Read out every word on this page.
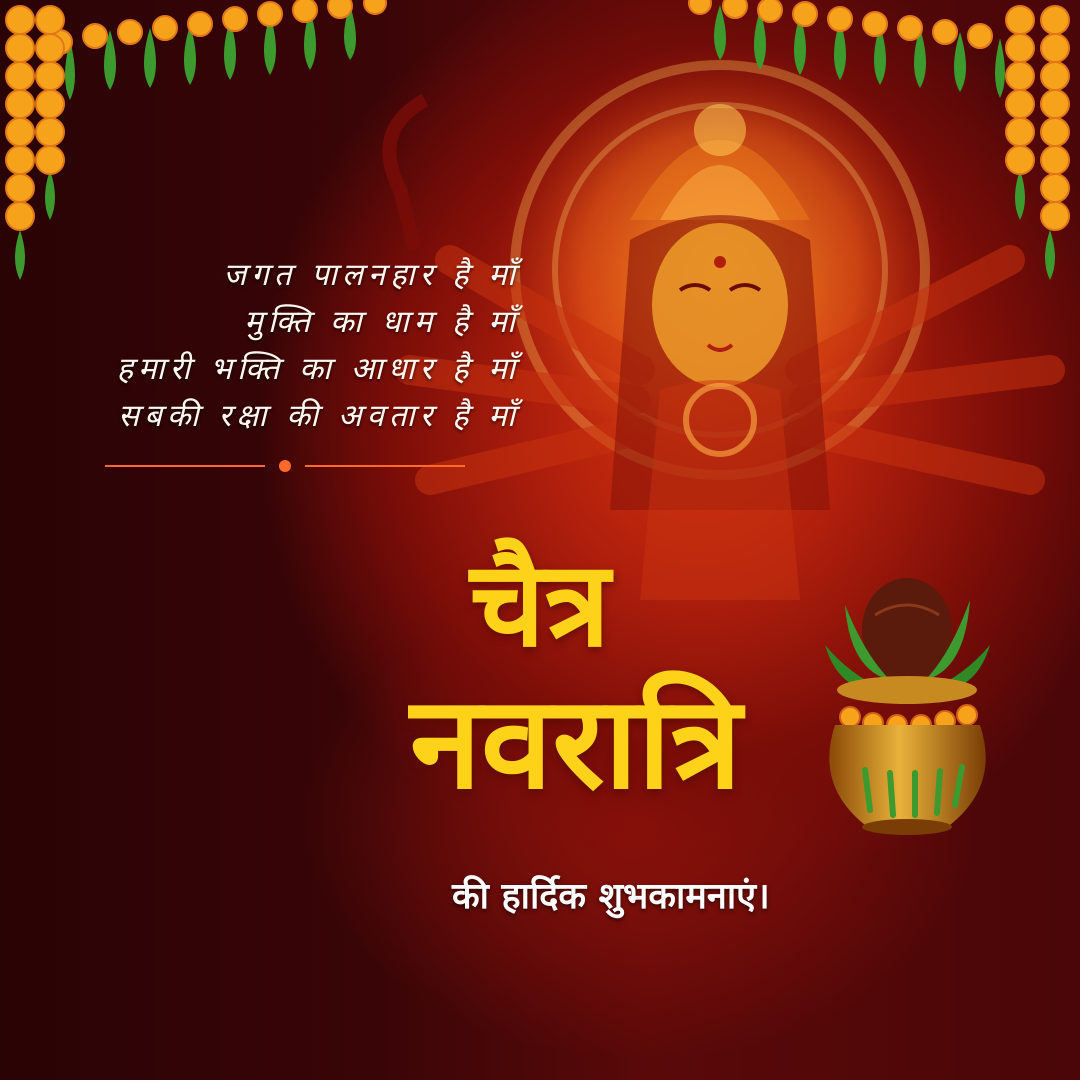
जगत पालनहार है माँ
मुक्ति का धाम है माँ
हमारी भक्ति का आधार है माँ
सबकी रक्षा की अवतार है माँ
चैत्र
नवरात्रि
की हार्दिक शुभकामनाएं।
